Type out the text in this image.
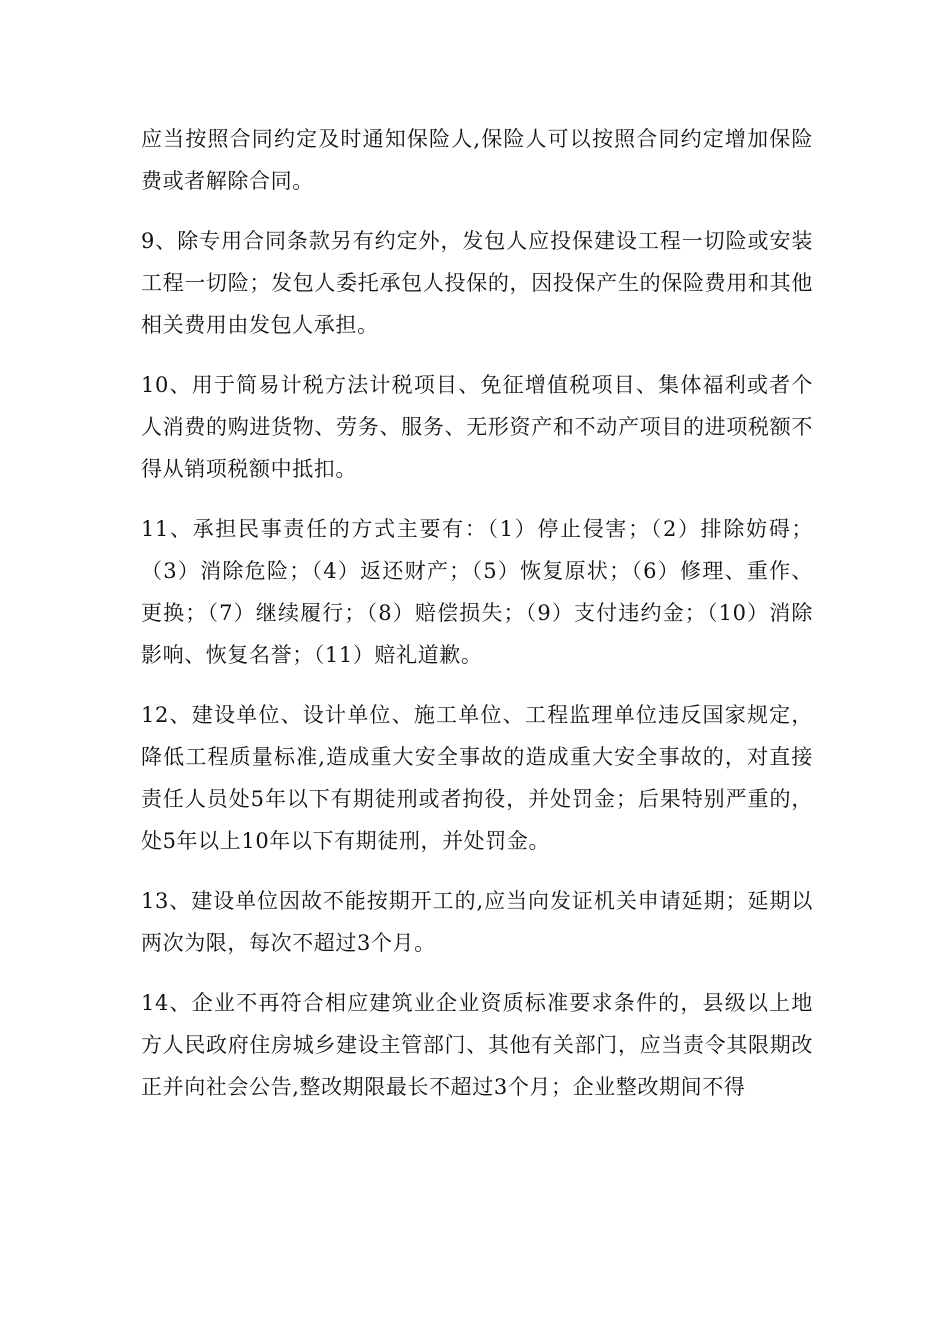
应当按照合同约定及时通知保险人,保险人可以按照合同约定增加保险费或者解除合同。

9、除专用合同条款另有约定外，发包人应投保建设工程一切险或安装工程一切险；发包人委托承包人投保的，因投保产生的保险费用和其他相关费用由发包人承担。

10、用于简易计税方法计税项目、免征增值税项目、集体福利或者个人消费的购进货物、劳务、服务、无形资产和不动产项目的进项税额不得从销项税额中抵扣。

11、承担民事责任的方式主要有：（1）停止侵害；（2）排除妨碍；（3）消除危险；（4）返还财产；（5）恢复原状；（6）修理、重作、更换；（7）继续履行；（8）赔偿损失；（9）支付违约金；（10）消除影响、恢复名誉；（11）赔礼道歉。

12、建设单位、设计单位、施工单位、工程监理单位违反国家规定，降低工程质量标准,造成重大安全事故的造成重大安全事故的，对直接责任人员处5年以下有期徒刑或者拘役，并处罚金；后果特别严重的，处5年以上10年以下有期徒刑，并处罚金。

13、建设单位因故不能按期开工的,应当向发证机关申请延期；延期以两次为限，每次不超过3个月。

14、企业不再符合相应建筑业企业资质标准要求条件的，县级以上地方人民政府住房城乡建设主管部门、其他有关部门，应当责令其限期改正并向社会公告,整改期限最长不超过3个月；企业整改期间不得
